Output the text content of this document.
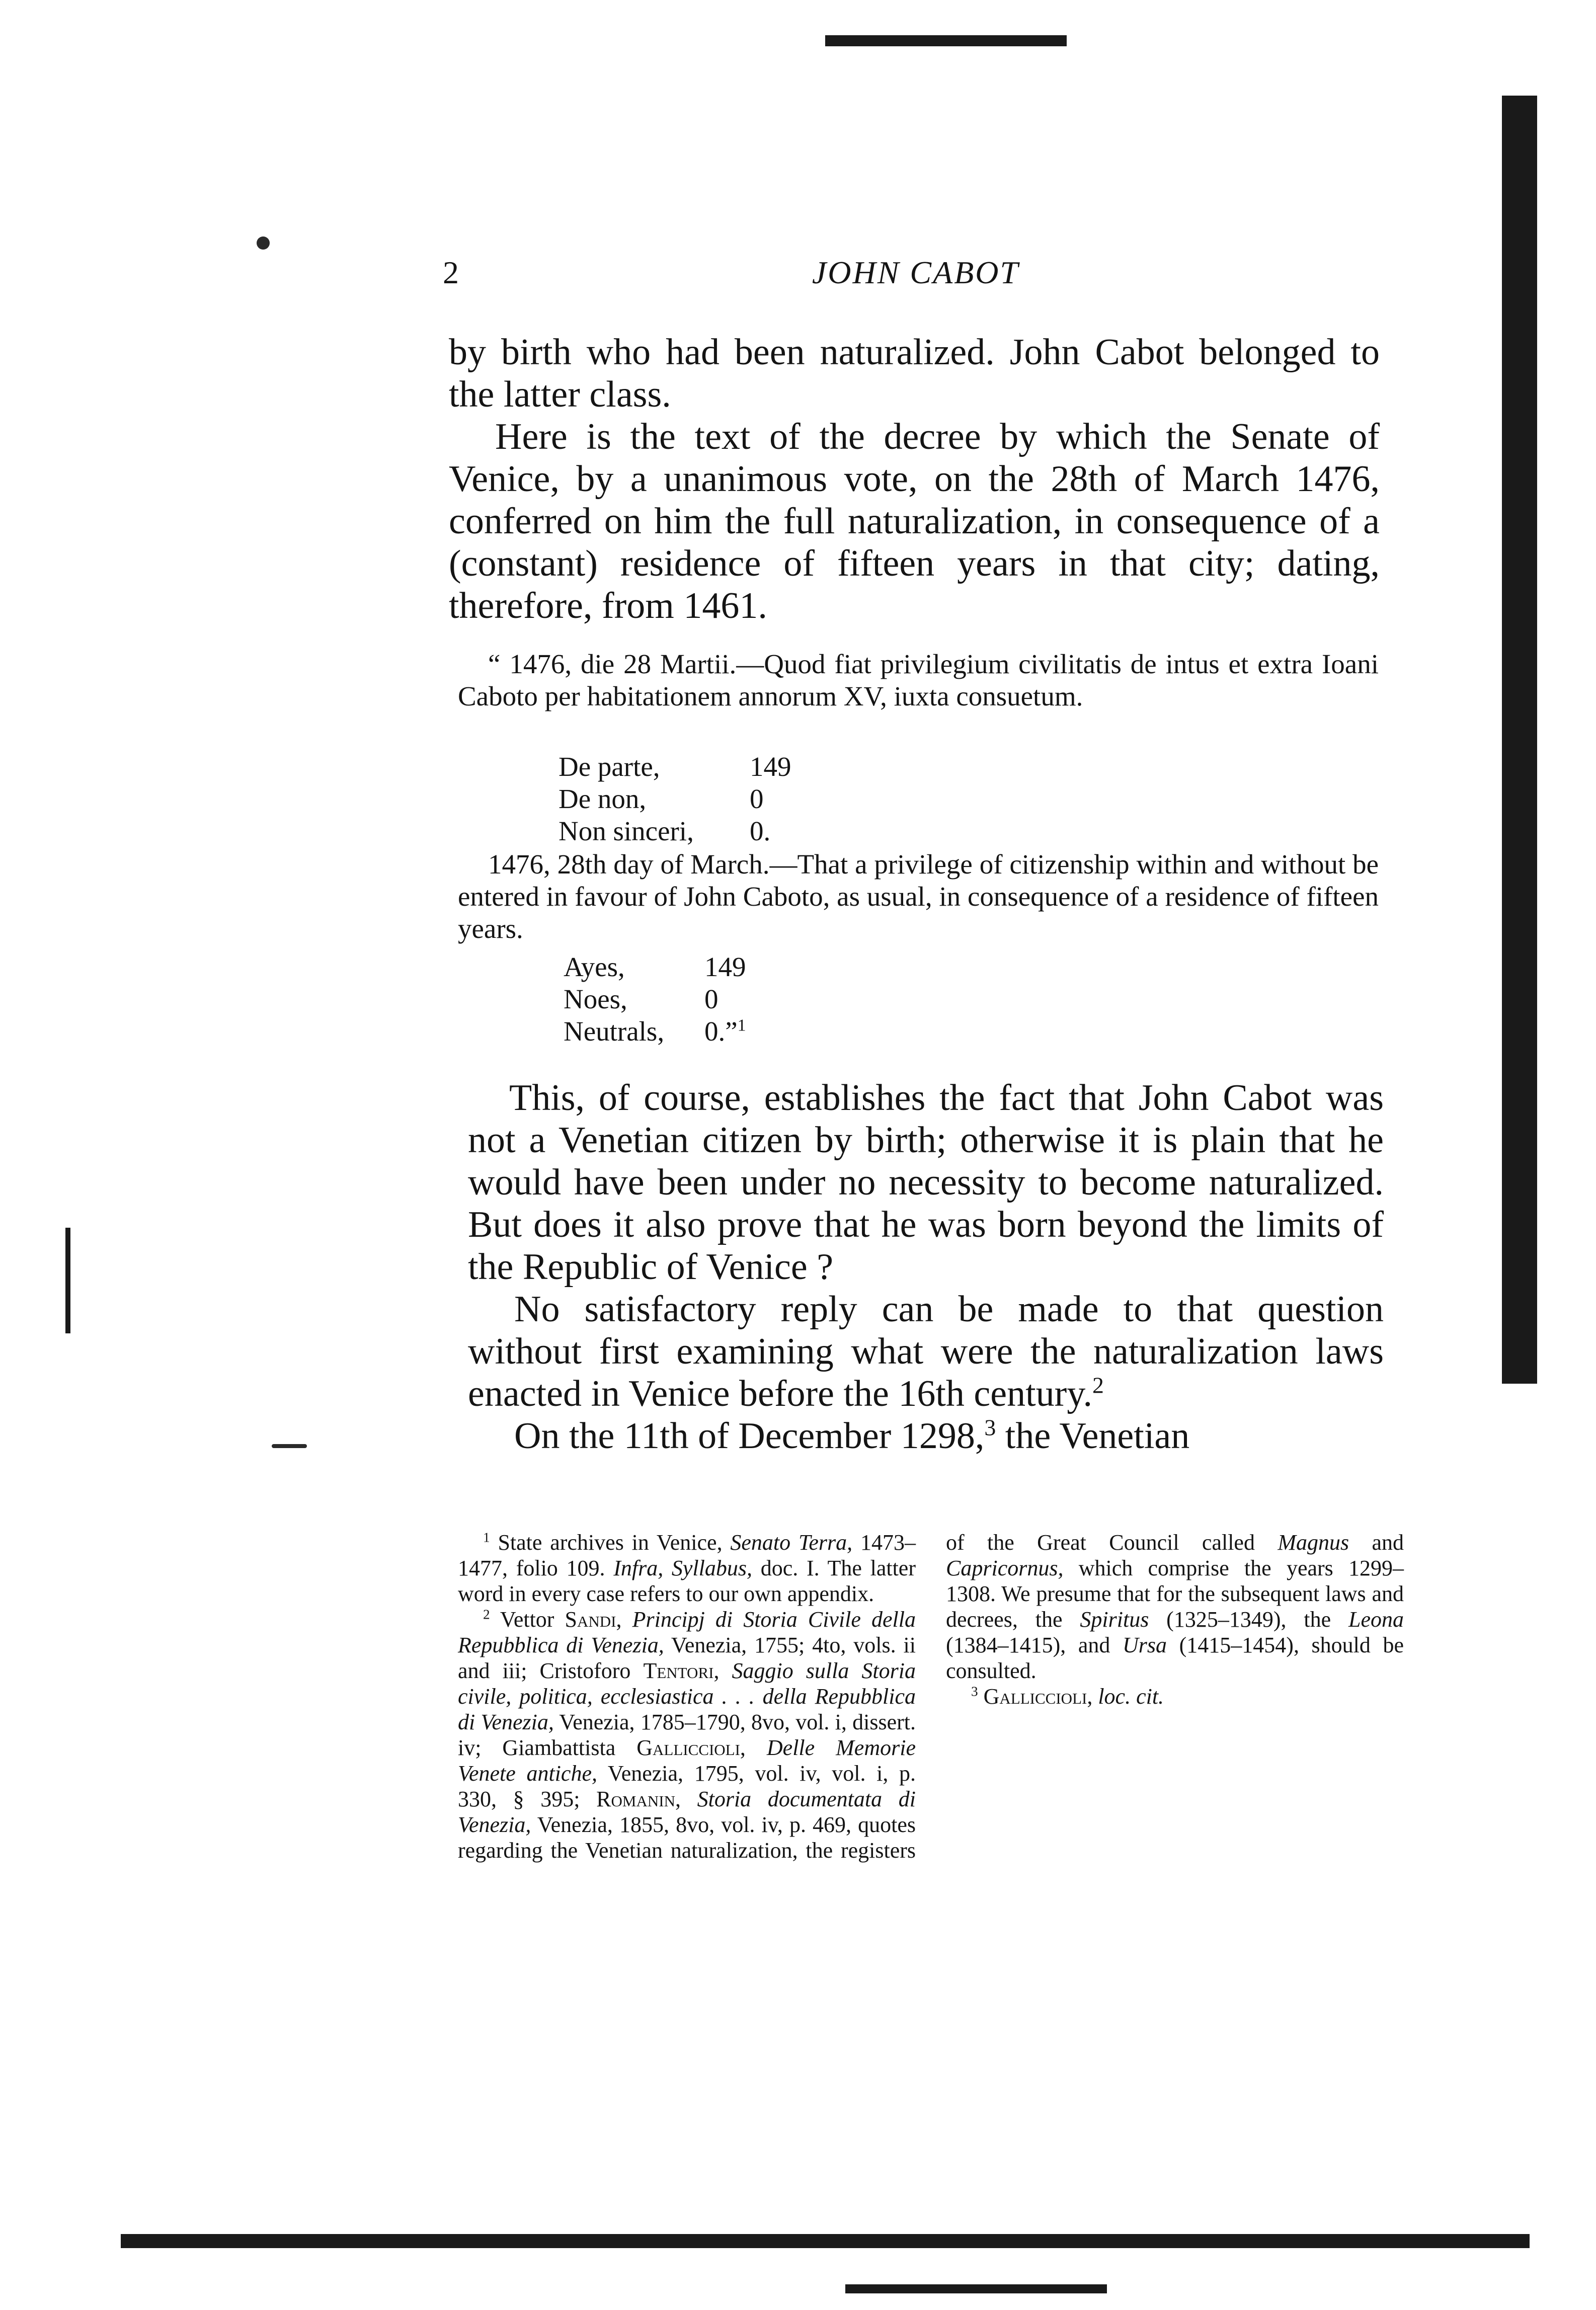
2	JOHN CABOT

by birth who had been naturalized. John Cabot belonged to the latter class.

Here is the text of the decree by which the Senate of Venice, by a unanimous vote, on the 28th of March 1476, conferred on him the full naturalization, in consequence of a (constant) residence of fifteen years in that city; dating, therefore, from 1461.

“ 1476, die 28 Martii.—Quod fiat privilegium civilitatis de intus et extra Ioani Caboto per habitationem annorum XV, iuxta consuetum.

De parte,	149
De non,	0
Non sinceri,	0.

1476, 28th day of March.—That a privilege of citizenship within and without be entered in favour of John Caboto, as usual, in consequence of a residence of fifteen years.

Ayes,	149
Noes,	0
Neutrals,	0.”$^1$

This, of course, establishes the fact that John Cabot was not a Venetian citizen by birth; otherwise it is plain that he would have been under no necessity to become naturalized. But does it also prove that he was born beyond the limits of the Republic of Venice ?

No satisfactory reply can be made to that question without first examining what were the naturalization laws enacted in Venice before the 16th century.$^2$

On the 11th of December 1298,$^3$ the Venetian

$^1$ State archives in Venice, Senato Terra, 1473–1477, folio 109. Infra, Syllabus, doc. I. The latter word in every case refers to our own appendix.

$^2$ Vettor Sandi, Principj di Storia Civile della Repubblica di Venezia, Venezia, 1755; 4to, vols. ii and iii; Cristoforo Tentori, Saggio sulla Storia civile, politica, ecclesiastica . . . della Repubblica di Venezia, Venezia, 1785–1790, 8vo, vol. i, dissert. iv; Giambattista Galliccioli, Delle Memorie Venete antiche, Venezia, 1795, vol. iv, vol. i, p. 330, § 395; Romanin, Storia documentata di Venezia, Venezia, 1855, 8vo, vol. iv, p. 469, quotes regarding the Venetian naturalization, the registers of the Great Council called Magnus and Capricornus, which comprise the years 1299–1308. We presume that for the subsequent laws and decrees, the Spiritus (1325–1349), the Leona (1384–1415), and Ursa (1415–1454), should be consulted.

$^3$ Galliccioli, loc. cit.
